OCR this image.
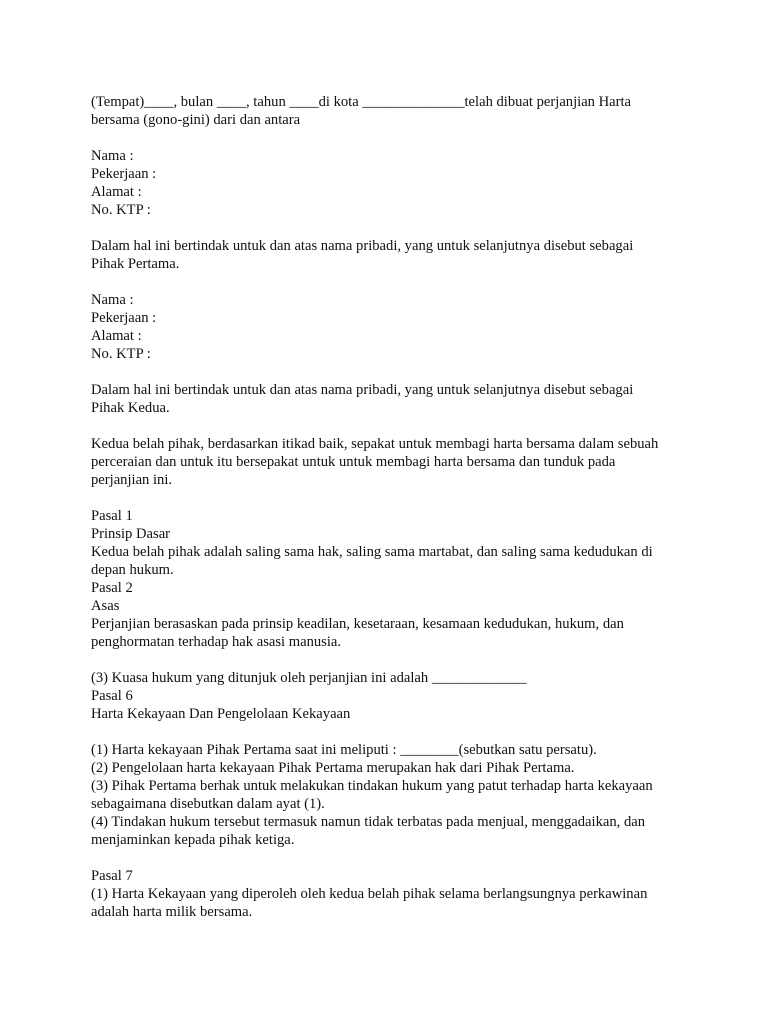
(Tempat)____, bulan ____, tahun ____di kota ______________telah dibuat perjanjian Harta
bersama (gono-gini) dari dan antara
Nama :
Pekerjaan :
Alamat :
No. KTP :
Dalam hal ini bertindak untuk dan atas nama pribadi, yang untuk selanjutnya disebut sebagai
Pihak Pertama.
Nama :
Pekerjaan :
Alamat :
No. KTP :
Dalam hal ini bertindak untuk dan atas nama pribadi, yang untuk selanjutnya disebut sebagai
Pihak Kedua.
Kedua belah pihak, berdasarkan itikad baik, sepakat untuk membagi harta bersama dalam sebuah
perceraian dan untuk itu bersepakat untuk untuk membagi harta bersama dan tunduk pada
perjanjian ini.
Pasal 1
Prinsip Dasar
Kedua belah pihak adalah saling sama hak, saling sama martabat, dan saling sama kedudukan di
depan hukum.
Pasal 2
Asas
Perjanjian berasaskan pada prinsip keadilan, kesetaraan, kesamaan kedudukan, hukum, dan
penghormatan terhadap hak asasi manusia.
(3) Kuasa hukum yang ditunjuk oleh perjanjian ini adalah _____________
Pasal 6
Harta Kekayaan Dan Pengelolaan Kekayaan
(1) Harta kekayaan Pihak Pertama saat ini meliputi : ________(sebutkan satu persatu).
(2) Pengelolaan harta kekayaan Pihak Pertama merupakan hak dari Pihak Pertama.
(3) Pihak Pertama berhak untuk melakukan tindakan hukum yang patut terhadap harta kekayaan
sebagaimana disebutkan dalam ayat (1).
(4) Tindakan hukum tersebut termasuk namun tidak terbatas pada menjual, menggadaikan, dan
menjaminkan kepada pihak ketiga.
Pasal 7
(1) Harta Kekayaan yang diperoleh oleh kedua belah pihak selama berlangsungnya perkawinan
adalah harta milik bersama.
